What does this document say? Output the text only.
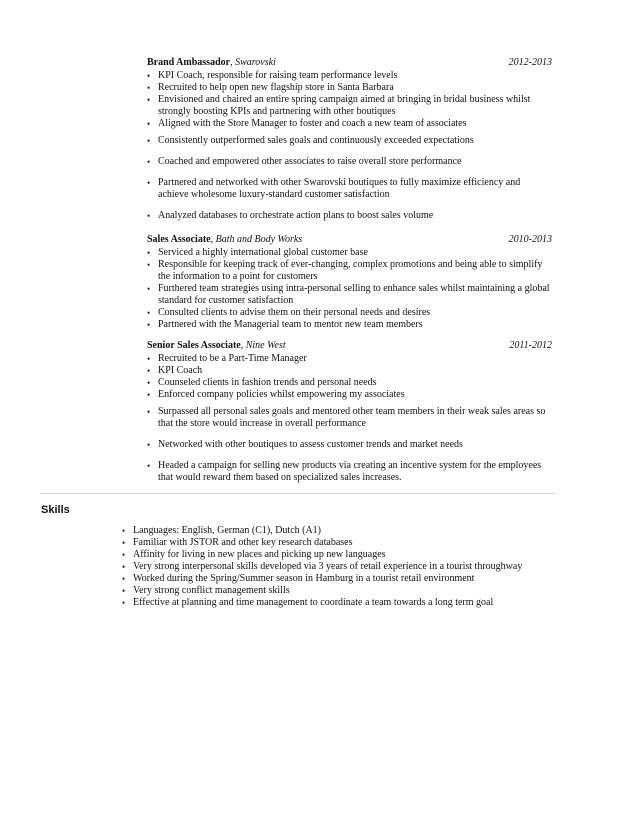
Brand Ambassador, Swarovski	2012-2013
• KPI Coach, responsible for raising team performance levels
• Recruited to help open new flagship store in Santa Barbara
• Envisioned and chaired an entire spring campaign aimed at bringing in bridal business whilst strongly boosting KPIs and partnering with other boutiques
• Aligned with the Store Manager to foster and coach a new team of associates
• Consistently outperformed sales goals and continuously exceeded expectations
• Coached and empowered other associates to raise overall store performance
• Partnered and networked with other Swarovski boutiques to fully maximize efficiency and achieve wholesome luxury-standard customer satisfaction
• Analyzed databases to orchestrate action plans to boost sales volume
Sales Associate, Bath and Body Works	2010-2013
• Serviced a highly international global customer base
• Responsible for keeping track of ever-changing, complex promotions and being able to simplify the information to a point for customers
• Furthered team strategies using intra-personal selling to enhance sales whilst maintaining a global standard for customer satisfaction
• Consulted clients to advise them on their personal needs and desires
• Partnered with the Managerial team to mentor new team members
Senior Sales Associate, Nine West	2011-2012
• Recruited to be a Part-Time Manager
• KPI Coach
• Counseled clients in fashion trends and personal needs
• Enforced company policies whilst empowering my associates
• Surpassed all personal sales goals and mentored other team members in their weak sales areas so that the store would increase in overall performance
• Networked with other boutiques to assess customer trends and market needs
• Headed a campaign for selling new products via creating an incentive system for the employees that would reward them based on specialized sales increases.
Skills
• Languages: English, German (C1), Dutch (A1)
• Familiar with JSTOR and other key research databases
• Affinity for living in new places and picking up new languages
• Very strong interpersonal skills developed via 3 years of retail experience in a tourist throughway
• Worked during the Spring/Summer season in Hamburg in a tourist retail environment
• Very strong conflict management skills
• Effective at planning and time management to coordinate a team towards a long term goal
